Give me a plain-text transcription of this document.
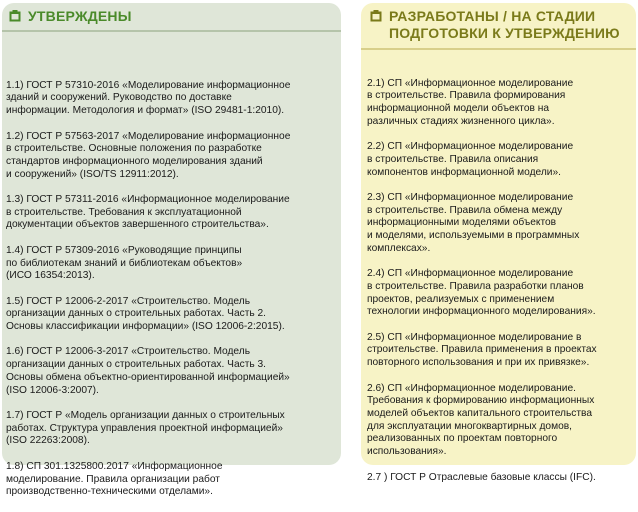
УТВЕРЖДЕНЫ

1.1) ГОСТ Р 57310-2016 «Моделирование информационное
зданий и сооружений. Руководство по доставке
информации. Методология и формат» (ISO 29481-1:2010).

1.2) ГОСТ Р 57563-2017 «Моделирование информационное
в строительстве. Основные положения по разработке
стандартов информационного моделирования зданий
и сооружений» (ISO/TS 12911:2012).

1.3) ГОСТ Р 57311-2016 «Информационное моделирование
в строительстве. Требования к эксплуатационной
документации объектов завершенного строительства».

1.4) ГОСТ Р 57309-2016 «Руководящие принципы
по библиотекам знаний и библиотекам объектов»
(ИСО 16354:2013).

1.5) ГОСТ Р 12006-2-2017 «Строительство. Модель
организации данных о строительных работах. Часть 2.
Основы классификации информации» (ISO 12006-2:2015).

1.6) ГОСТ Р 12006-3-2017 «Строительство. Модель
организации данных о строительных работах. Часть 3.
Основы обмена объектно-ориентированной информацией»
(ISO 12006-3:2007).

1.7) ГОСТ Р «Модель организации данных о строительных
работах. Структура управления проектной информацией»
(ISO 22263:2008).

1.8) СП 301.1325800.2017 «Информационное
моделирование. Правила организации работ
производственно-техническими отделами».

РАЗРАБОТАНЫ / НА СТАДИИ
ПОДГОТОВКИ К УТВЕРЖДЕНИЮ

2.1) СП «Информационное моделирование
в строительстве. Правила формирования
информационной модели объектов на
различных стадиях жизненного цикла».

2.2) СП «Информационное моделирование
в строительстве. Правила описания
компонентов информационной модели».

2.3) СП «Информационное моделирование
в строительстве. Правила обмена между
информационными моделями объектов
и моделями, используемыми в программных
комплексах».

2.4) СП «Информационное моделирование
в строительстве. Правила разработки планов
проектов, реализуемых с применением
технологии информационного моделирования».

2.5) СП «Информационное моделирование в
строительстве. Правила применения в проектах
повторного использования и при их привязке».

2.6) СП «Информационное моделирование.
Требования к формированию информационных
моделей объектов капитального строительства
для эксплуатации многоквартирных домов,
реализованных по проектам повторного
использования».

2.7 ) ГОСТ Р Отраслевые базовые классы (IFC).
